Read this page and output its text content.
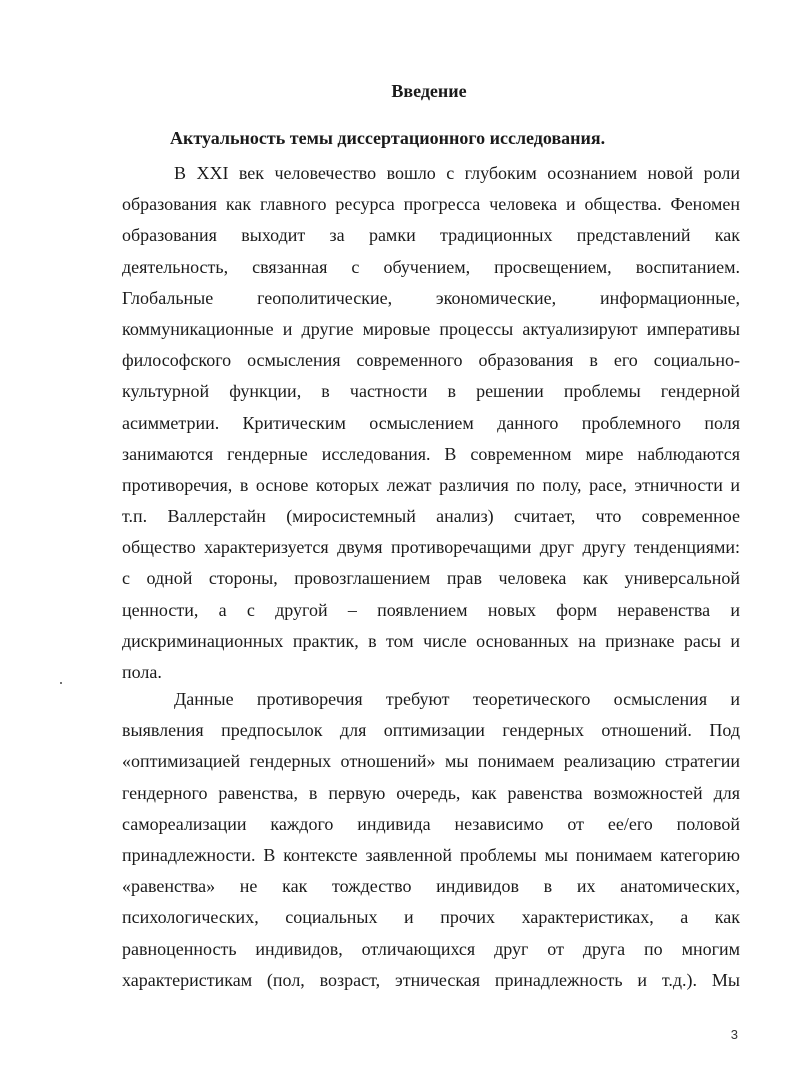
Введение
Актуальность темы диссертационного исследования.
В XXI век человечество вошло с глубоким осознанием новой роли
образования как главного ресурса прогресса человека и общества. Феномен
образования выходит за рамки традиционных представлений как
деятельность, связанная с обучением, просвещением, воспитанием.
Глобальные геополитические, экономические, информационные,
коммуникационные и другие мировые процессы актуализируют императивы
философского осмысления современного образования в его социально-
культурной функции, в частности в решении проблемы гендерной
асимметрии. Критическим осмыслением данного проблемного поля
занимаются гендерные исследования. В современном мире наблюдаются
противоречия, в основе которых лежат различия по полу, расе, этничности и
т.п. Валлерстайн (миросистемный анализ) считает, что современное
общество характеризуется двумя противоречащими друг другу тенденциями:
с одной стороны, провозглашением прав человека как универсальной
ценности, а с другой – появлением новых форм неравенства и
дискриминационных практик, в том числе основанных на признаке расы и
пола.
Данные противоречия требуют теоретического осмысления и
выявления предпосылок для оптимизации гендерных отношений. Под
«оптимизацией гендерных отношений» мы понимаем реализацию стратегии
гендерного равенства, в первую очередь, как равенства возможностей для
самореализации каждого индивида независимо от ее/его половой
принадлежности. В контексте заявленной проблемы мы понимаем категорию
«равенства» не как тождество индивидов в их анатомических,
психологических, социальных и прочих характеристиках, а как
равноценность индивидов, отличающихся друг от друга по многим
характеристикам (пол, возраст, этническая принадлежность и т.д.). Мы
3
